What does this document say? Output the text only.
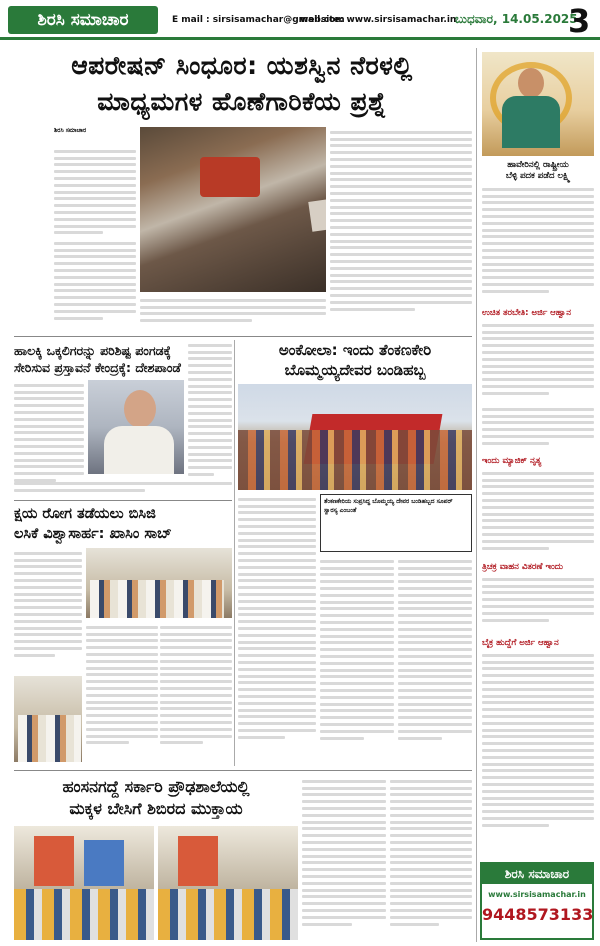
ಶಿರಸಿ ಸಮಾಚಾರ	E mail : sirsisamachar@gmail.com
website: www.sirsisamachar.in
ಬುಧವಾರ, 14.05.2025
3
ಆಪರೇಷನ್ ಸಿಂಧೂರ: ಯಶಸ್ವಿನ ನೆರಳಲ್ಲಿ
ಮಾಧ್ಯಮಗಳ ಹೊಣೆಗಾರಿಕೆಯ ಪ್ರಶ್ನೆ
ಶಿರಸಿ ಸಮಾಚಾರ
ಹಾವೇರಿನಲ್ಲಿ ರಾಷ್ಟ್ರೀಯ
ಬೆಳ್ಳಿ ಪದಕ ಪಡೆದ ಲಕ್ಷ್ಮಿ
ಉಚಿತ ತರಬೇತಿ: ಅರ್ಜಿ ಆಹ್ವಾನ
ಇಂದು ಮ್ಯಾಜಿಕ್ ನೃತ್ಯ
ತ್ರಿಚಕ್ರ ವಾಹನ ವಿತರಣೆ ಇಂದು
ಬೈಕ್ರ ಹುದ್ದೆಗೆ ಅರ್ಜಿ ಆಹ್ವಾನ
ಶಿರಸಿ ಸಮಾಚಾರ
www.sirsisamachar.in
9448573133
ಹಾಲಕ್ಕಿ ಒಕ್ಕಲಿಗರನ್ನು ಪರಿಶಿಷ್ಟ ಪಂಗಡಕ್ಕೆ
ಸೇರಿಸುವ ಪ್ರಸ್ತಾವನೆ ಕೇಂದ್ರಕ್ಕೆ: ದೇಶಪಾಂಡೆ
ಅಂಕೋಲಾ: ಇಂದು ತೆಂಕಣಕೇರಿ
ಬೊಮ್ಮಯ್ಯದೇವರ ಬಂಡಿಹಬ್ಬ
ತೆಂಕಣಕೇರಿಯ ಸುಪ್ರಸಿದ್ಧ ಬೊಮ್ಮಯ್ಯ ದೇವರ ಬಂಡಿಹಬ್ಬದ ಸೂಪರ್ ಸ್ವಾರಸ್ಯ ಎಂಬಂತೆ
ಕ್ಷಯ ರೋಗ ತಡೆಯಲು ಬಿಸಿಜಿ
ಲಸಿಕೆ ವಿಶ್ವಾಸಾರ್ಹ: ಖಾಸಿಂ ಸಾಬ್
ಹಂಸನಗದ್ದೆ ಸರ್ಕಾರಿ ಪ್ರೌಢಶಾಲೆಯಲ್ಲಿ
ಮಕ್ಕಳ ಬೇಸಿಗೆ ಶಿಬಿರದ ಮುಕ್ತಾಯ
